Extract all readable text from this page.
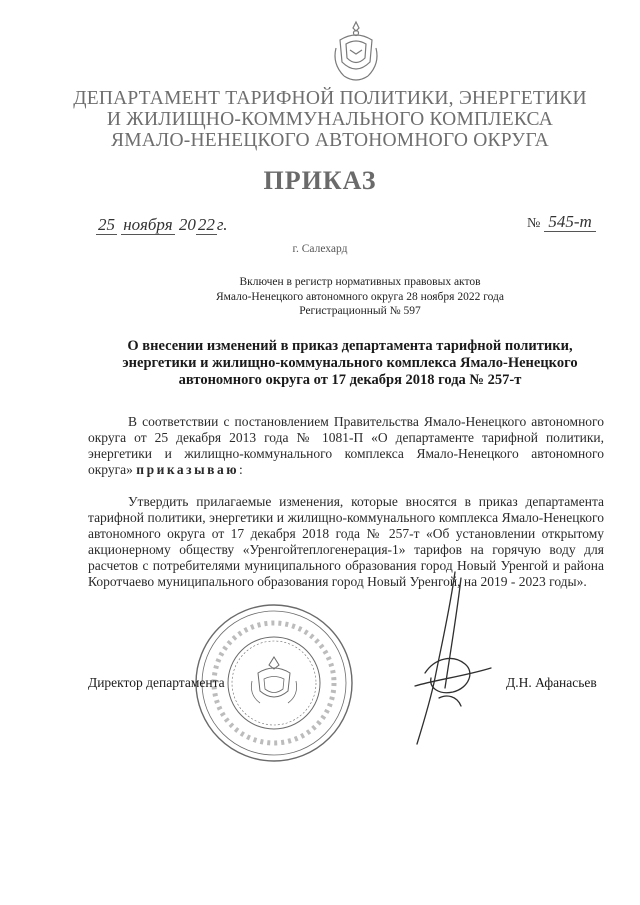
ДЕПАРТАМЕНТ ТАРИФНОЙ ПОЛИТИКИ, ЭНЕРГЕТИКИ
И ЖИЛИЩНО-КОММУНАЛЬНОГО КОМПЛЕКСА
ЯМАЛО-НЕНЕЦКОГО АВТОНОМНОГО ОКРУГА
ПРИКАЗ
25 ноября 20 22 г.	№ 545-т
г. Салехард
Включен в регистр нормативных правовых актов
Ямало-Ненецкого автономного округа 28 ноября 2022 года
Регистрационный № 597
О внесении изменений в приказ департамента тарифной политики,
энергетики и жилищно-коммунального комплекса Ямало-Ненецкого
автономного округа от 17 декабря 2018 года № 257-т
В соответствии с постановлением Правительства Ямало-Ненецкого автономного округа от 25 декабря 2013 года № 1081-П «О департаменте тарифной политики, энергетики и жилищно-коммунального комплекса Ямало-Ненецкого автономного округа» приказываю:
Утвердить прилагаемые изменения, которые вносятся в приказ департамента тарифной политики, энергетики и жилищно-коммунального комплекса Ямало-Ненецкого автономного округа от 17 декабря 2018 года № 257-т «Об установлении открытому акционерному обществу «Уренгойтеплогенерация-1» тарифов на горячую воду для расчетов с потребителями муниципального образования город Новый Уренгой и района Коротчаево муниципального образования город Новый Уренгой, на 2019 - 2023 годы».
Директор департамента	Д.Н. Афанасьев
